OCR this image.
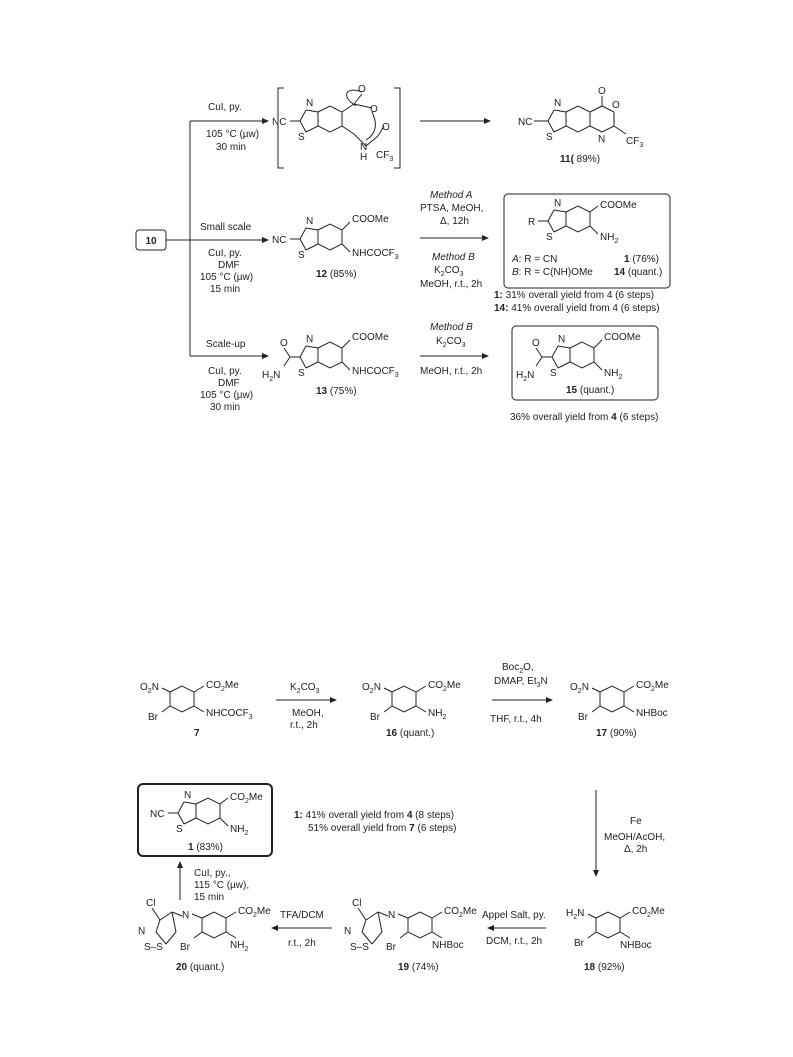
10
CuI, py.
105 °C (µw)
30 min
N
S
NC
O
O
O
N
H $CF_3$
N
S
NC
O
O
N $CF_3$
11( 89%)
Small scale
CuI, py.
DMF
105 °C (µw)
15 min
N
S
NC
COOMe
$NHCOCF_3$
12 (85%)
Method A
PTSA, MeOH,
Δ, 12h
Method B
$K_2CO_3$
MeOH, r.t., 2h
N
S
R
COOMe
$NH_2$
A: R = CN
B: R = C(NH)OMe
1 (76%)
14 (quant.)
1: 31% overall yield from 4 (6 steps)
14: 41% overall yield from 4 (6 steps)
Scale-up
CuI, py.
DMF
105 °C (µw)
30 min
O
$H_2N$
N
S
COOMe
$NHCOCF_3$
13 (75%)
Method B
$K_2CO_3$
MeOH, r.t., 2h
O
$H_2N$
N
S
COOMe
$NH_2$
15 (quant.)
36% overall yield from 4 (6 steps)
$O_2N$	$CO_2Me$
Br	$NHCOCF_3$
7
$K_2CO_3$
MeOH,
r.t., 2h
$O_2N$	$CO_2Me$
Br	$NH_2$
16 (quant.)
Boc$_2$O,
DMAP, $Et_3N$
THF, r.t., 4h
$O_2N$	$CO_2Me$
Br	NHBoc
17 (90%)
Fe
MeOH/AcOH,
Δ, 2h
$H_2N$	$CO_2Me$
Br	NHBoc
18 (92%)
Appel Salt, py.
DCM, r.t., 2h
Cl
N
N
S–S
$CO_2Me$
Br	NHBoc
19 (74%)
TFA/DCM
r.t., 2h
Cl
N
N
S–S
$CO_2Me$
Br	$NH_2$
20 (quant.)
CuI, py.,
115 °C (µw),
15 min
N
S
NC
$CO_2Me$
$NH_2$
1 (83%)
1: 41% overall yield from 4 (8 steps)
51% overall yield from 7 (6 steps)
